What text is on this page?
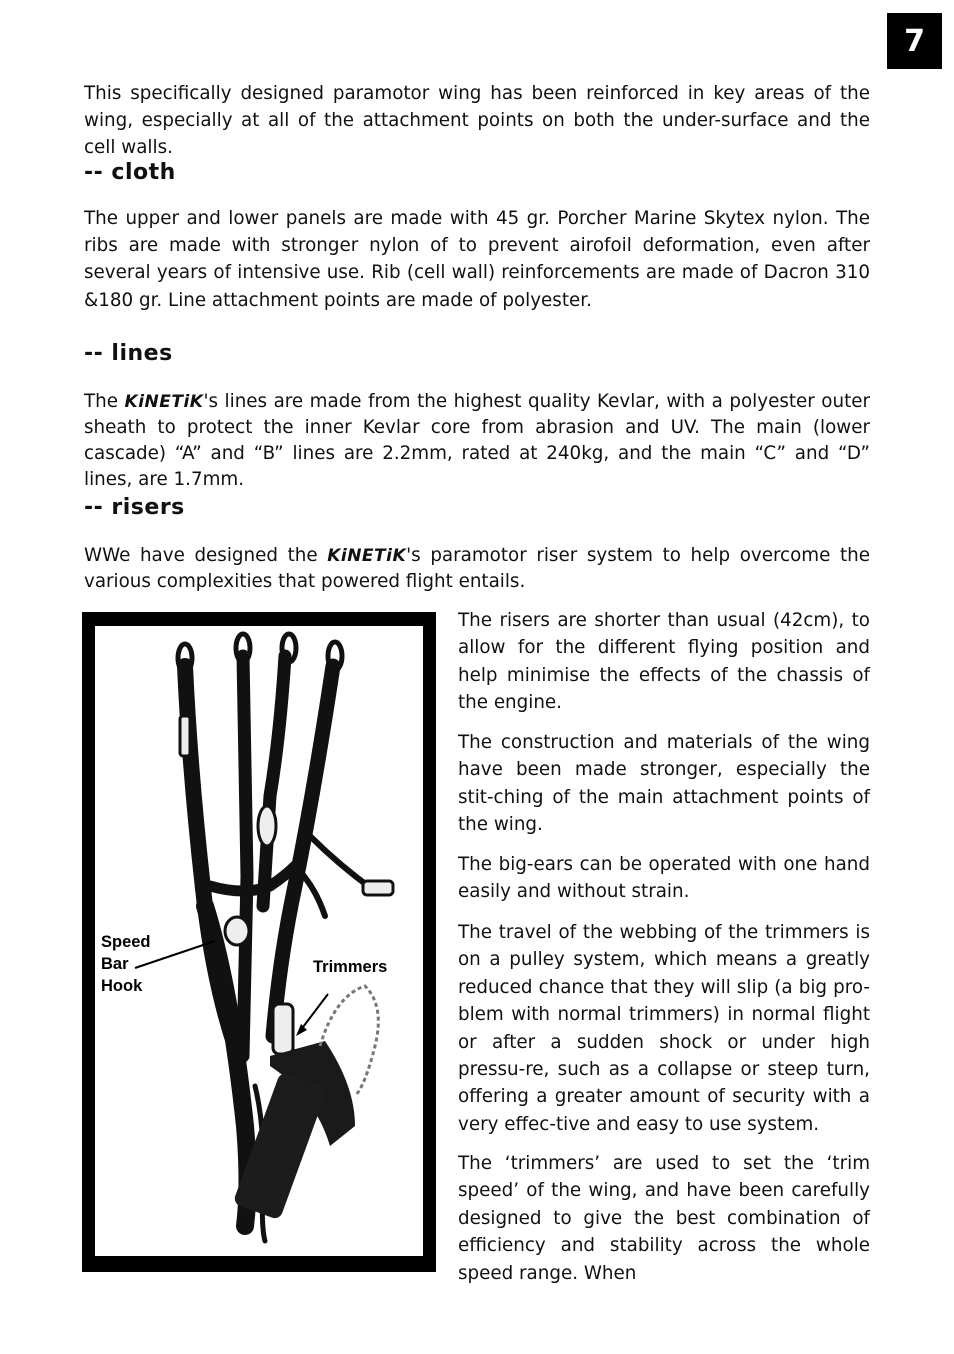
7

This specifically designed paramotor wing has been reinforced in key areas of the wing, especially at all of the attachment points on both the under-surface and the cell walls.

-- cloth

The upper and lower panels are made with 45 gr. Porcher Marine Skytex nylon. The ribs are made with stronger nylon of to prevent airofoil deformation, even after several years of intensive use. Rib (cell wall) reinforcements are made of Dacron 310 &180 gr. Line attachment points are made of polyester.

-- lines

The KiNETiK's lines are made from the highest quality Kevlar, with a polyester outer sheath to protect the inner Kevlar core from abrasion and UV. The main (lower cascade) “A” and “B” lines are 2.2mm, rated at 240kg, and the main “C” and “D” lines, are 1.7mm.

-- risers

WWe have designed the KiNETiK's paramotor riser system to help overcome the various complexities that powered flight entails.

Speed
Bar
Hook
Trimmers

The risers are shorter than usual (42cm), to allow for the different flying position and help minimise the effects of the chassis of the engine.

The construction and materials of the wing have been made stronger, especially the stit-ching of the main attachment points of the wing.

The big-ears can be operated with one hand easily and without strain.

The travel of the webbing of the trimmers is on a pulley system, which means a greatly reduced chance that they will slip (a big pro-blem with normal trimmers) in normal flight or after a sudden shock or under high pressu-re, such as a collapse or steep turn, offering a greater amount of security with a very effec-tive and easy to use system.

The ‘trimmers’ are used to set the ‘trim speed’ of the wing, and have been carefully designed to give the best combination of efficiency and stability across the whole speed range. When
